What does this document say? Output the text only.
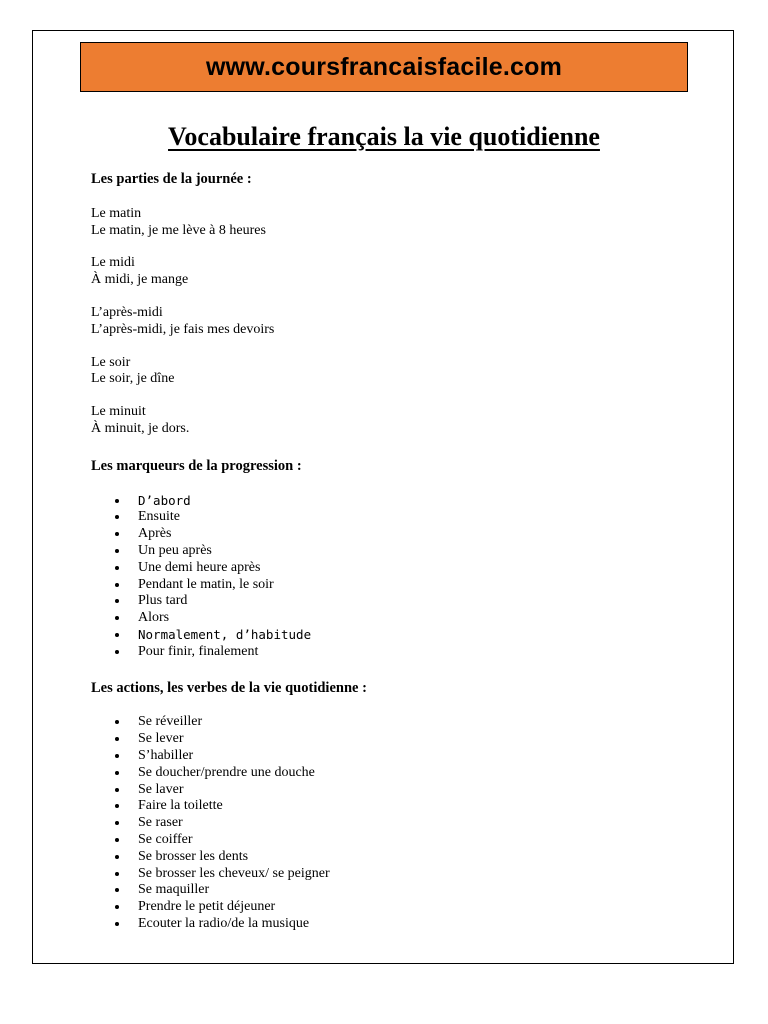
www.coursfrancaisfacile.com
Vocabulaire français la vie quotidienne

Les parties de la journée :

Le matin

Le matin, je me lève à 8 heures

Le midi

À midi, je mange

L’après-midi

L’après-midi, je fais mes devoirs

Le soir

Le soir, je dîne

Le minuit

À minuit, je dors.

Les marqueurs de la progression :

D’abord
Ensuite
Après
Un peu après
Une demi heure après
Pendant le matin, le soir
Plus tard
Alors
Normalement, d’habitude
Pour finir, finalement

Les actions, les verbes de la vie quotidienne :

Se réveiller
Se lever
S’habiller
Se doucher/prendre une douche
Se laver
Faire la toilette
Se raser
Se coiffer
Se brosser les dents
Se brosser les cheveux/ se peigner
Se maquiller
Prendre le petit déjeuner
Ecouter la radio/de la musique
